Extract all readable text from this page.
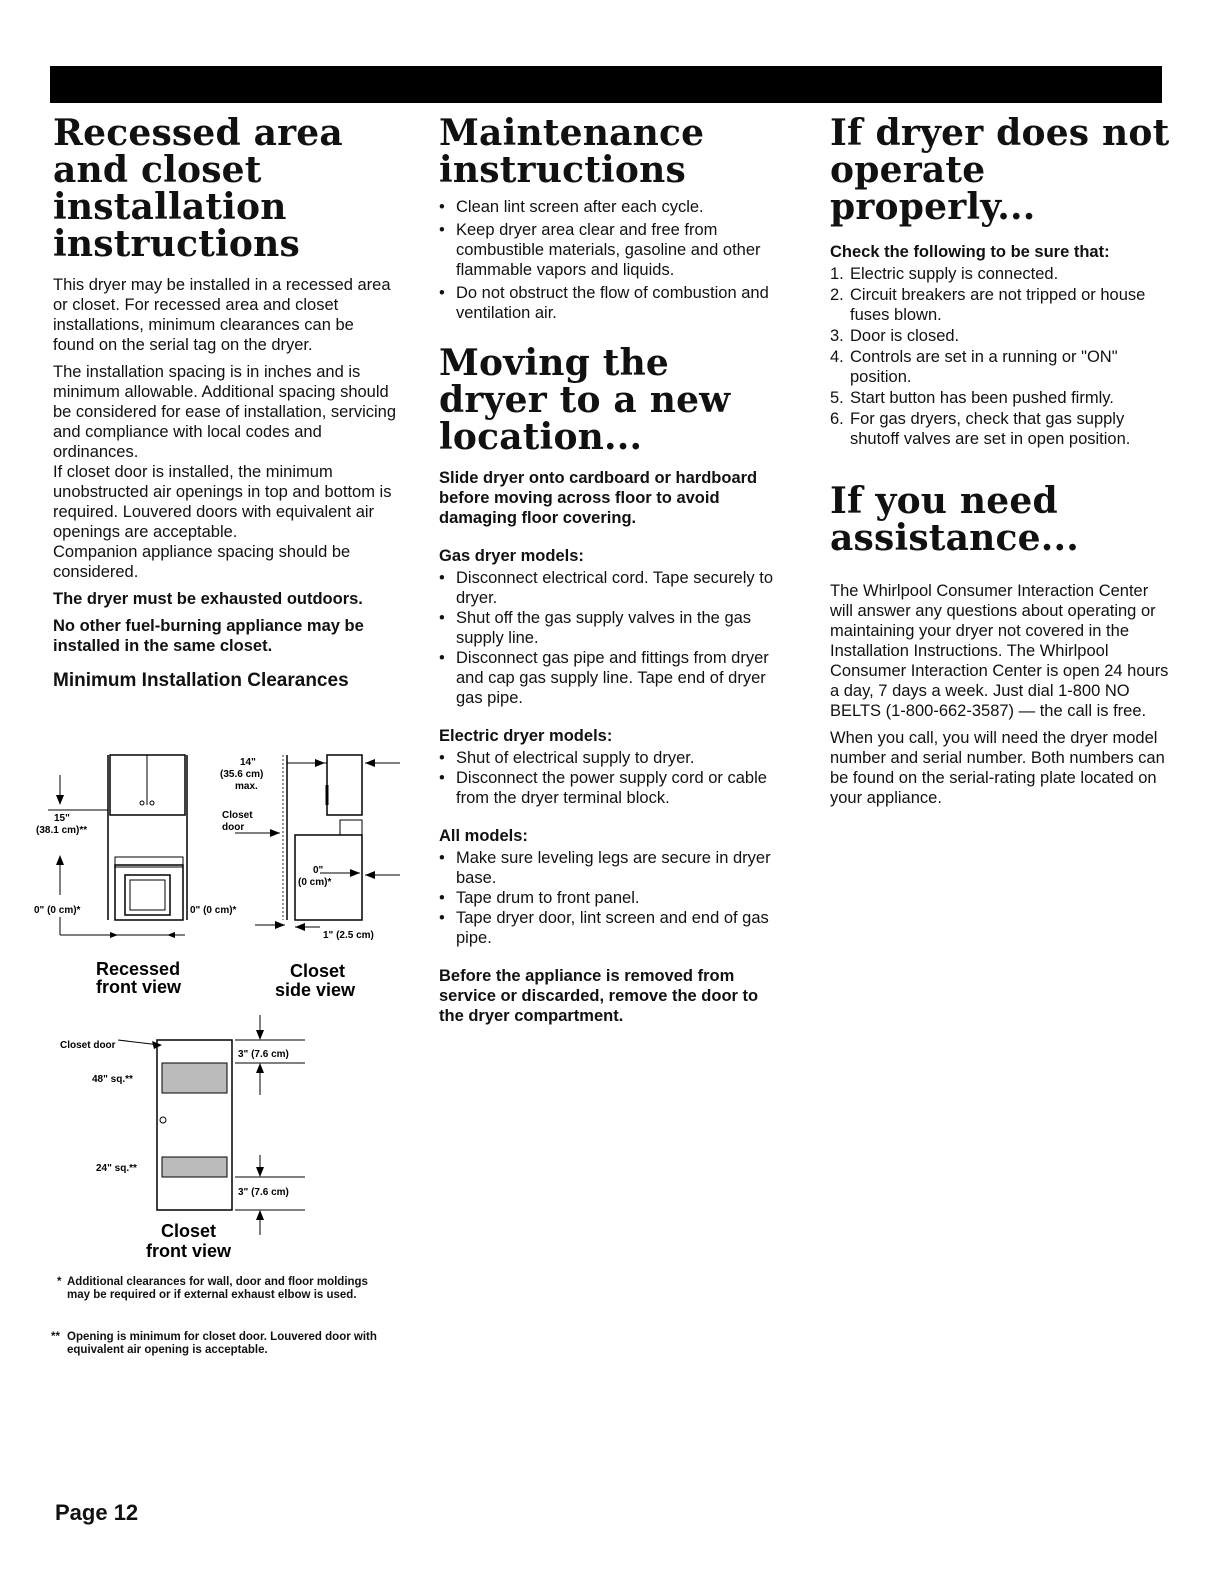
Recessed area and closet installation instructions

This dryer may be installed in a recessed area or closet. For recessed area and closet installations, minimum clearances can be found on the serial tag on the dryer.

The installation spacing is in inches and is minimum allowable. Additional spacing should be considered for ease of installation, servicing and compliance with local codes and ordinances.

If closet door is installed, the minimum unobstructed air openings in top and bottom is required. Louvered doors with equivalent air openings are acceptable.

Companion appliance spacing should be considered.

The dryer must be exhausted outdoors.

No other fuel-burning appliance may be installed in the same closet.

Minimum Installation Clearances
15"
(38.1 cm)**
0" (0 cm)*	0" (0 cm)*
Recessed
front view
14"
(35.6 cm)
max.
Closet
door
0"
(0 cm)*
1" (2.5 cm)
Closet
side view
Closet door
48" sq.**
24" sq.**
3" (7.6 cm)
3" (7.6 cm)
Closet
front view
* Additional clearances for wall, door and floor moldings may be required or if external exhaust elbow is used.
** Opening is minimum for closet door. Louvered door with equivalent air opening is acceptable.
Maintenance instructions
• Clean lint screen after each cycle.
• Keep dryer area clear and free from combustible materials, gasoline and other flammable vapors and liquids.
• Do not obstruct the flow of combustion and ventilation air.
Moving the dryer to a new location...

Slide dryer onto cardboard or hardboard before moving across floor to avoid damaging floor covering.

Gas dryer models:
• Disconnect electrical cord. Tape securely to dryer.
• Shut off the gas supply valves in the gas supply line.
• Disconnect gas pipe and fittings from dryer and cap gas supply line. Tape end of dryer gas pipe.
Electric dryer models:
• Shut of electrical supply to dryer.
• Disconnect the power supply cord or cable from the dryer terminal block.
All models:
• Make sure leveling legs are secure in dryer base.
• Tape drum to front panel.
• Tape dryer door, lint screen and end of gas pipe.

Before the appliance is removed from service or discarded, remove the door to the dryer compartment.

If dryer does not operate properly...
Check the following to be sure that:
1. Electric supply is connected.
2. Circuit breakers are not tripped or house fuses blown.
3. Door is closed.
4. Controls are set in a running or "ON" position.
5. Start button has been pushed firmly.
6. For gas dryers, check that gas supply shutoff valves are set in open position.
If you need assistance...

The Whirlpool Consumer Interaction Center will answer any questions about operating or maintaining your dryer not covered in the Installation Instructions. The Whirlpool Consumer Interaction Center is open 24 hours a day, 7 days a week. Just dial 1-800 NO BELTS (1-800-662-3587) — the call is free.

When you call, you will need the dryer model number and serial number. Both numbers can be found on the serial-rating plate located on your appliance.

Page 12
